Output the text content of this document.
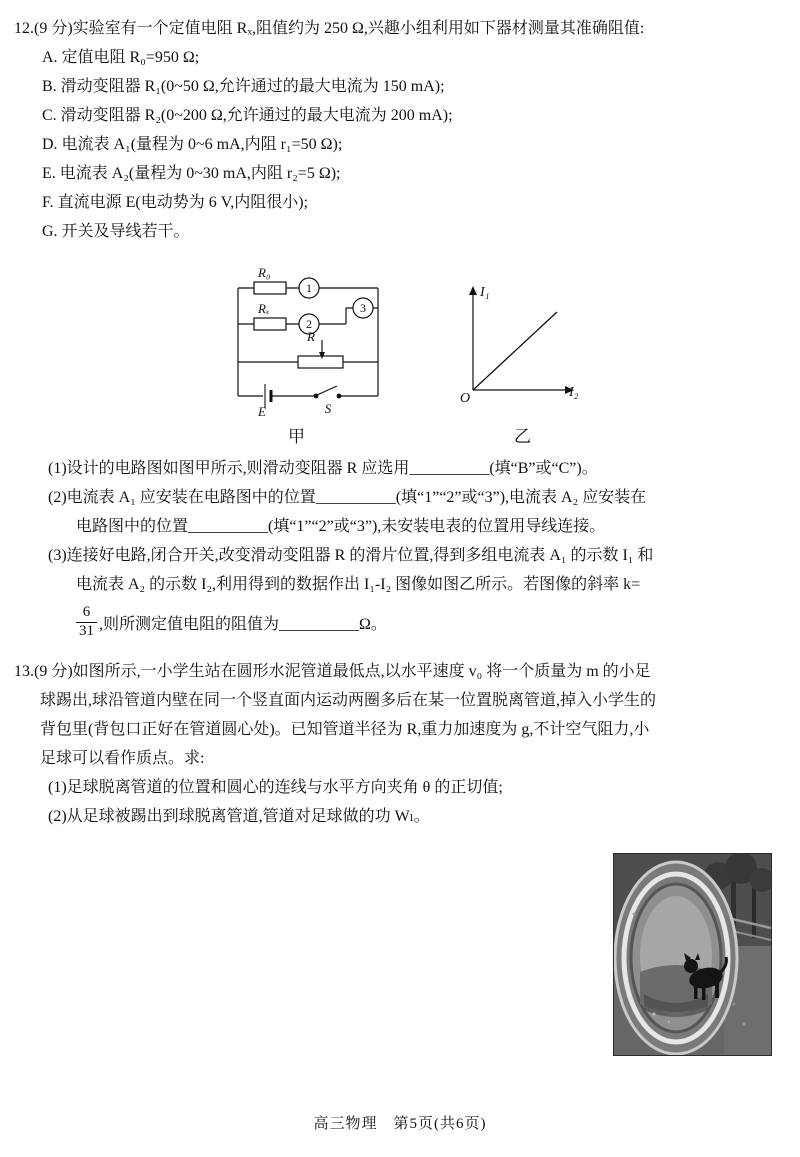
12.(9 分)实验室有一个定值电阻 Rₓ,阻值约为 250 Ω,兴趣小组利用如下器材测量其准确阻值:
A. 定值电阻 R₀=950 Ω;
B. 滑动变阻器 R₁(0~50 Ω,允许通过的最大电流为 150 mA);
C. 滑动变阻器 R₂(0~200 Ω,允许通过的最大电流为 200 mA);
D. 电流表 A₁(量程为 0~6 mA,内阻 r₁=50 Ω);
E. 电流表 A₂(量程为 0~30 mA,内阻 r₂=5 Ω);
F. 直流电源 E(电动势为 6 V,内阻很小);
G. 开关及导线若干。
R₀
Rₓ
1
2
3
R
E	S
I₁
I₂
O
甲	乙
(1)设计的电路图如图甲所示,则滑动变阻器 R 应选用__________(填“B”或“C”)。
(2)电流表 A₁ 应安装在电路图中的位置__________(填“1”“2”或“3”),电流表 A₂ 应安装在
电路图中的位置__________(填“1”“2”或“3”),未安装电表的位置用导线连接。
(3)连接好电路,闭合开关,改变滑动变阻器 R 的滑片位置,得到多组电流表 A₁ 的示数 I₁ 和
电流表 A₂ 的示数 I₂,利用得到的数据作出 I₁-I₂ 图像如图乙所示。若图像的斜率 k=
$\frac{6}{31}$ ,则所测定值电阻的阻值为__________Ω。
13.(9 分)如图所示,一小学生站在圆形水泥管道最低点,以水平速度 v₀ 将一个质量为 m 的小足
球踢出,球沿管道内壁在同一个竖直面内运动两圈多后在某一位置脱离管道,掉入小学生的
背包里(背包口正好在管道圆心处)。已知管道半径为 R,重力加速度为 g,不计空气阻力,小
足球可以看作质点。求:
(1)足球脱离管道的位置和圆心的连线与水平方向夹角 θ 的正切值;
(2)从足球被踢出到球脱离管道,管道对足球做的功 Wₗ。
高三物理　第5页(共6页)
